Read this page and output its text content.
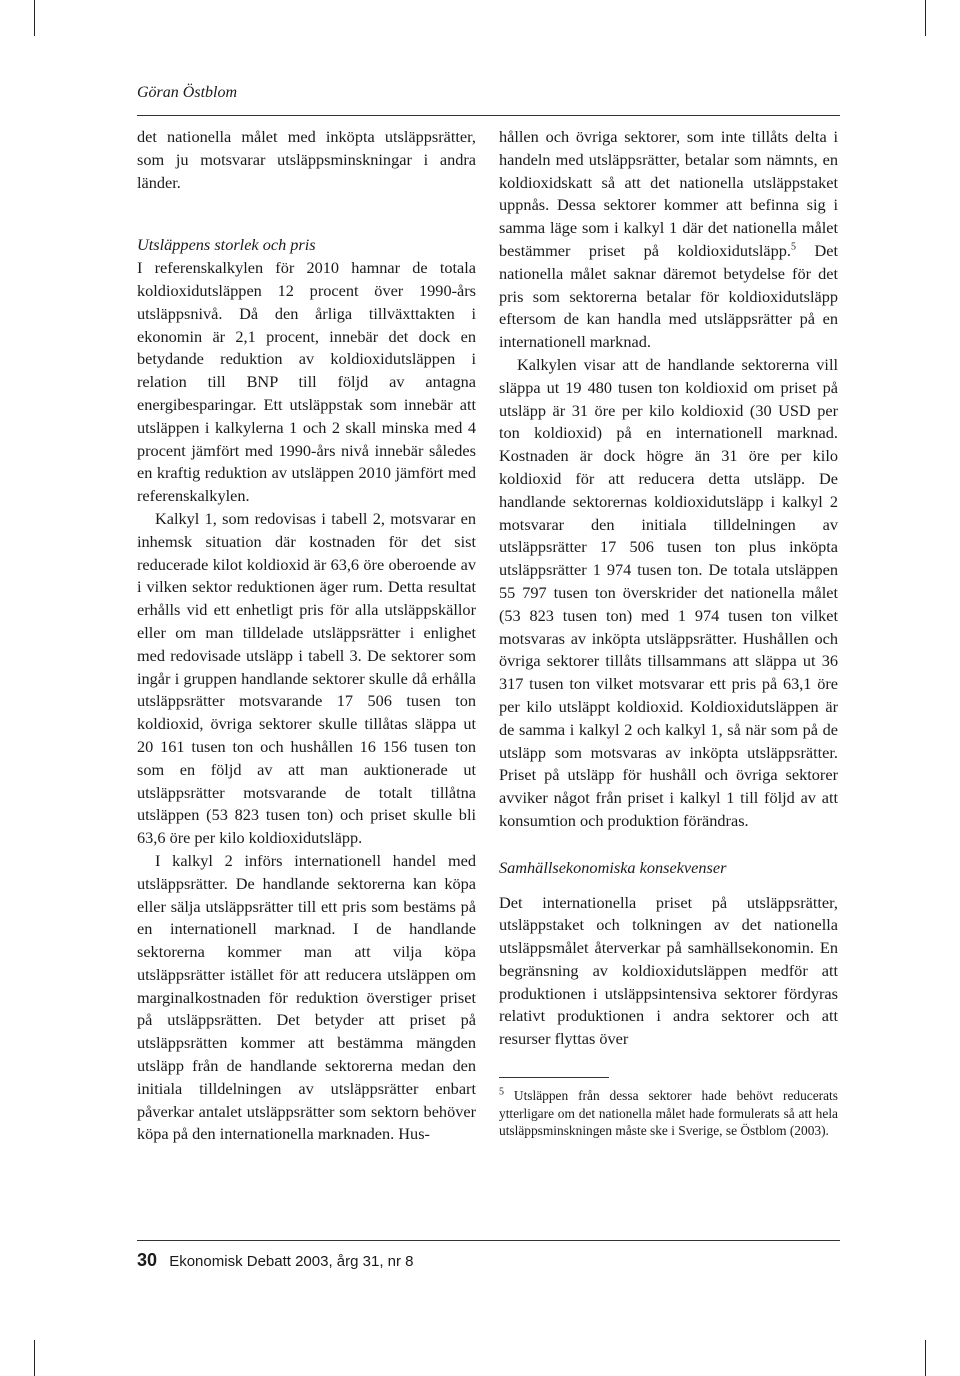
Göran Östblom

det nationella målet med inköpta utsläppsrätter, som ju motsvarar utsläppsminskningar i andra länder.

Utsläppens storlek och pris

I referenskalkylen för 2010 hamnar de totala koldioxidutsläppen 12 procent över 1990-års utsläppsnivå. Då den årliga tillväxttakten i ekonomin är 2,1 procent, innebär det dock en betydande reduktion av koldioxidutsläppen i relation till BNP till följd av antagna energibesparingar. Ett utsläppstak som innebär att utsläppen i kalkylerna 1 och 2 skall minska med 4 procent jämfört med 1990-års nivå innebär således en kraftig reduktion av utsläppen 2010 jämfört med referenskalkylen.

Kalkyl 1, som redovisas i tabell 2, motsvarar en inhemsk situation där kostnaden för det sist reducerade kilot koldioxid är 63,6 öre oberoende av i vilken sektor reduktionen äger rum. Detta resultat erhålls vid ett enhetligt pris för alla utsläppskällor eller om man tilldelade utsläppsrätter i enlighet med redovisade utsläpp i tabell 3. De sektorer som ingår i gruppen handlande sektorer skulle då erhålla utsläppsrätter motsvarande 17 506 tusen ton koldioxid, övriga sektorer skulle tillåtas släppa ut 20 161 tusen ton och hushållen 16 156 tusen ton som en följd av att man auktionerade ut utsläppsrätter motsvarande de totalt tillåtna utsläppen (53 823 tusen ton) och priset skulle bli 63,6 öre per kilo koldioxidutsläpp.

I kalkyl 2 införs internationell handel med utsläppsrätter. De handlande sektorerna kan köpa eller sälja utsläppsrätter till ett pris som bestäms på en internationell marknad. I de handlande sektorerna kommer man att vilja köpa utsläppsrätter istället för att reducera utsläppen om marginalkostnaden för reduktion överstiger priset på utsläppsrätten. Det betyder att priset på utsläppsrätten kommer att bestämma mängden utsläpp från de handlande sektorerna medan den initiala tilldelningen av utsläppsrätter enbart påverkar antalet utsläppsrätter som sektorn behöver köpa på den internationella marknaden. Hus-

hållen och övriga sektorer, som inte tillåts delta i handeln med utsläppsrätter, betalar som nämnts, en koldioxidskatt så att det nationella utsläppstaket uppnås. Dessa sektorer kommer att befinna sig i samma läge som i kalkyl 1 där det nationella målet bestämmer priset på koldioxidutsläpp.$^5$ Det nationella målet saknar däremot betydelse för det pris som sektorerna betalar för koldioxidutsläpp eftersom de kan handla med utsläppsrätter på en internationell marknad.

Kalkylen visar att de handlande sektorerna vill släppa ut 19 480 tusen ton koldioxid om priset på utsläpp är 31 öre per kilo koldioxid (30 USD per ton koldioxid) på en internationell marknad. Kostnaden är dock högre än 31 öre per kilo koldioxid för att reducera detta utsläpp. De handlande sektorernas koldioxidutsläpp i kalkyl 2 motsvarar den initiala tilldelningen av utsläppsrätter 17 506 tusen ton plus inköpta utsläppsrätter 1 974 tusen ton. De totala utsläppen 55 797 tusen ton överskrider det nationella målet (53 823 tusen ton) med 1 974 tusen ton vilket motsvaras av inköpta utsläppsrätter. Hushållen och övriga sektorer tillåts tillsammans att släppa ut 36 317 tusen ton vilket motsvarar ett pris på 63,1 öre per kilo utsläppt koldioxid. Koldioxidutsläppen är de samma i kalkyl 2 och kalkyl 1, så när som på de utsläpp som motsvaras av inköpta utsläppsrätter. Priset på utsläpp för hushåll och övriga sektorer avviker något från priset i kalkyl 1 till följd av att konsumtion och produktion förändras.

Samhällsekonomiska konsekvenser

Det internationella priset på utsläppsrätter, utsläppstaket och tolkningen av det nationella utsläppsmålet återverkar på samhällsekonomin. En begränsning av koldioxidutsläppen medför att produktionen i utsläppsintensiva sektorer fördyras relativt produktionen i andra sektorer och att resurser flyttas över

$^5$ Utsläppen från dessa sektorer hade behövt reducerats ytterligare om det nationella målet hade formulerats så att hela utsläppsminskningen måste ske i Sverige, se Östblom (2003).
30 Ekonomisk Debatt 2003, årg 31, nr 8
